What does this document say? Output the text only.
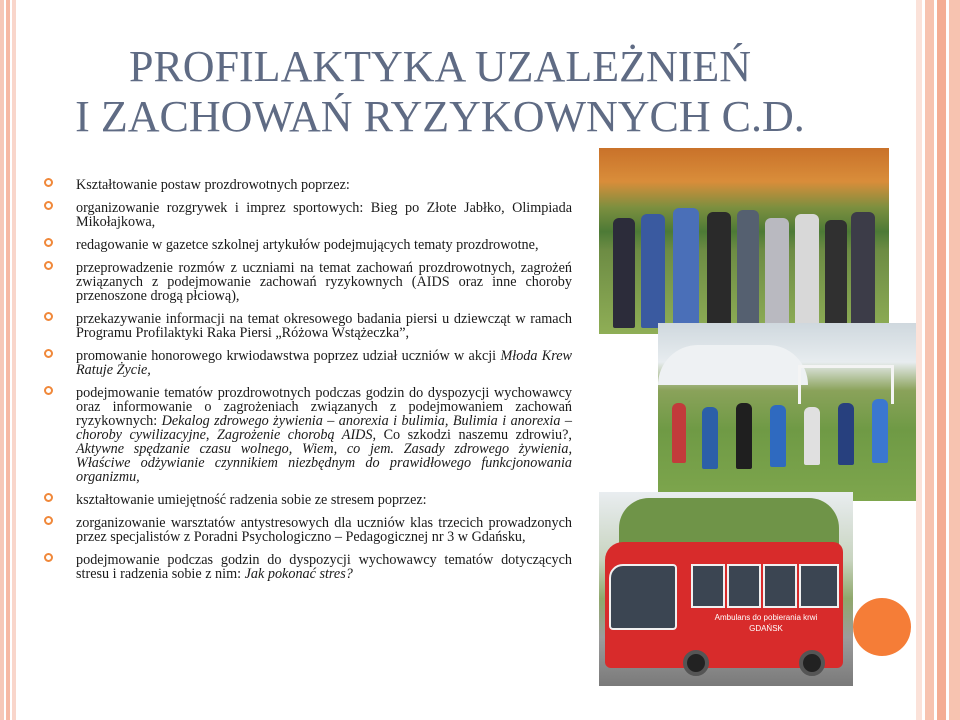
PROFILAKTYKA UZALEŻNIEŃ
I ZACHOWAŃ RYZYKOWNYCH C.D.
Kształtowanie postaw prozdrowotnych poprzez:
organizowanie rozgrywek i imprez sportowych: Bieg po Złote Jabłko, Olimpiada Mikołajkowa,
redagowanie w gazetce szkolnej artykułów podejmujących tematy prozdrowotne,
przeprowadzenie rozmów z uczniami na temat zachowań prozdrowotnych, zagrożeń związanych z podejmowanie zachowań ryzykownych (AIDS oraz inne choroby przenoszone drogą płciową),
przekazywanie informacji na temat okresowego badania piersi u dziewcząt w ramach Programu Profilaktyki Raka Piersi „Różowa Wstążeczka”,
promowanie honorowego krwiodawstwa poprzez udział uczniów w akcji Młoda Krew Ratuje Życie,
podejmowanie tematów prozdrowotnych podczas godzin do dyspozycji wychowawcy oraz informowanie o zagrożeniach związanych z podejmowaniem zachowań ryzykownych: Dekalog zdrowego żywienia – anorexia i bulimia, Bulimia i anorexia – choroby cywilizacyjne, Zagrożenie chorobą AIDS, Co szkodzi naszemu zdrowiu?, Aktywne spędzanie czasu wolnego, Wiem, co jem. Zasady zdrowego żywienia, Właściwe odżywianie czynnikiem niezbędnym do prawidłowego funkcjonowania organizmu,
kształtowanie umiejętność radzenia sobie ze stresem poprzez:
zorganizowanie warsztatów antystresowych dla uczniów klas trzecich prowadzonych przez specjalistów z Poradni Psychologiczno – Pedagogicznej nr 3 w Gdańsku,
podejmowanie podczas godzin do dyspozycji wychowawcy tematów dotyczących stresu i radzenia sobie z nim: Jak pokonać stres?
Ambulans do pobierania krwi
GDAŃSK
